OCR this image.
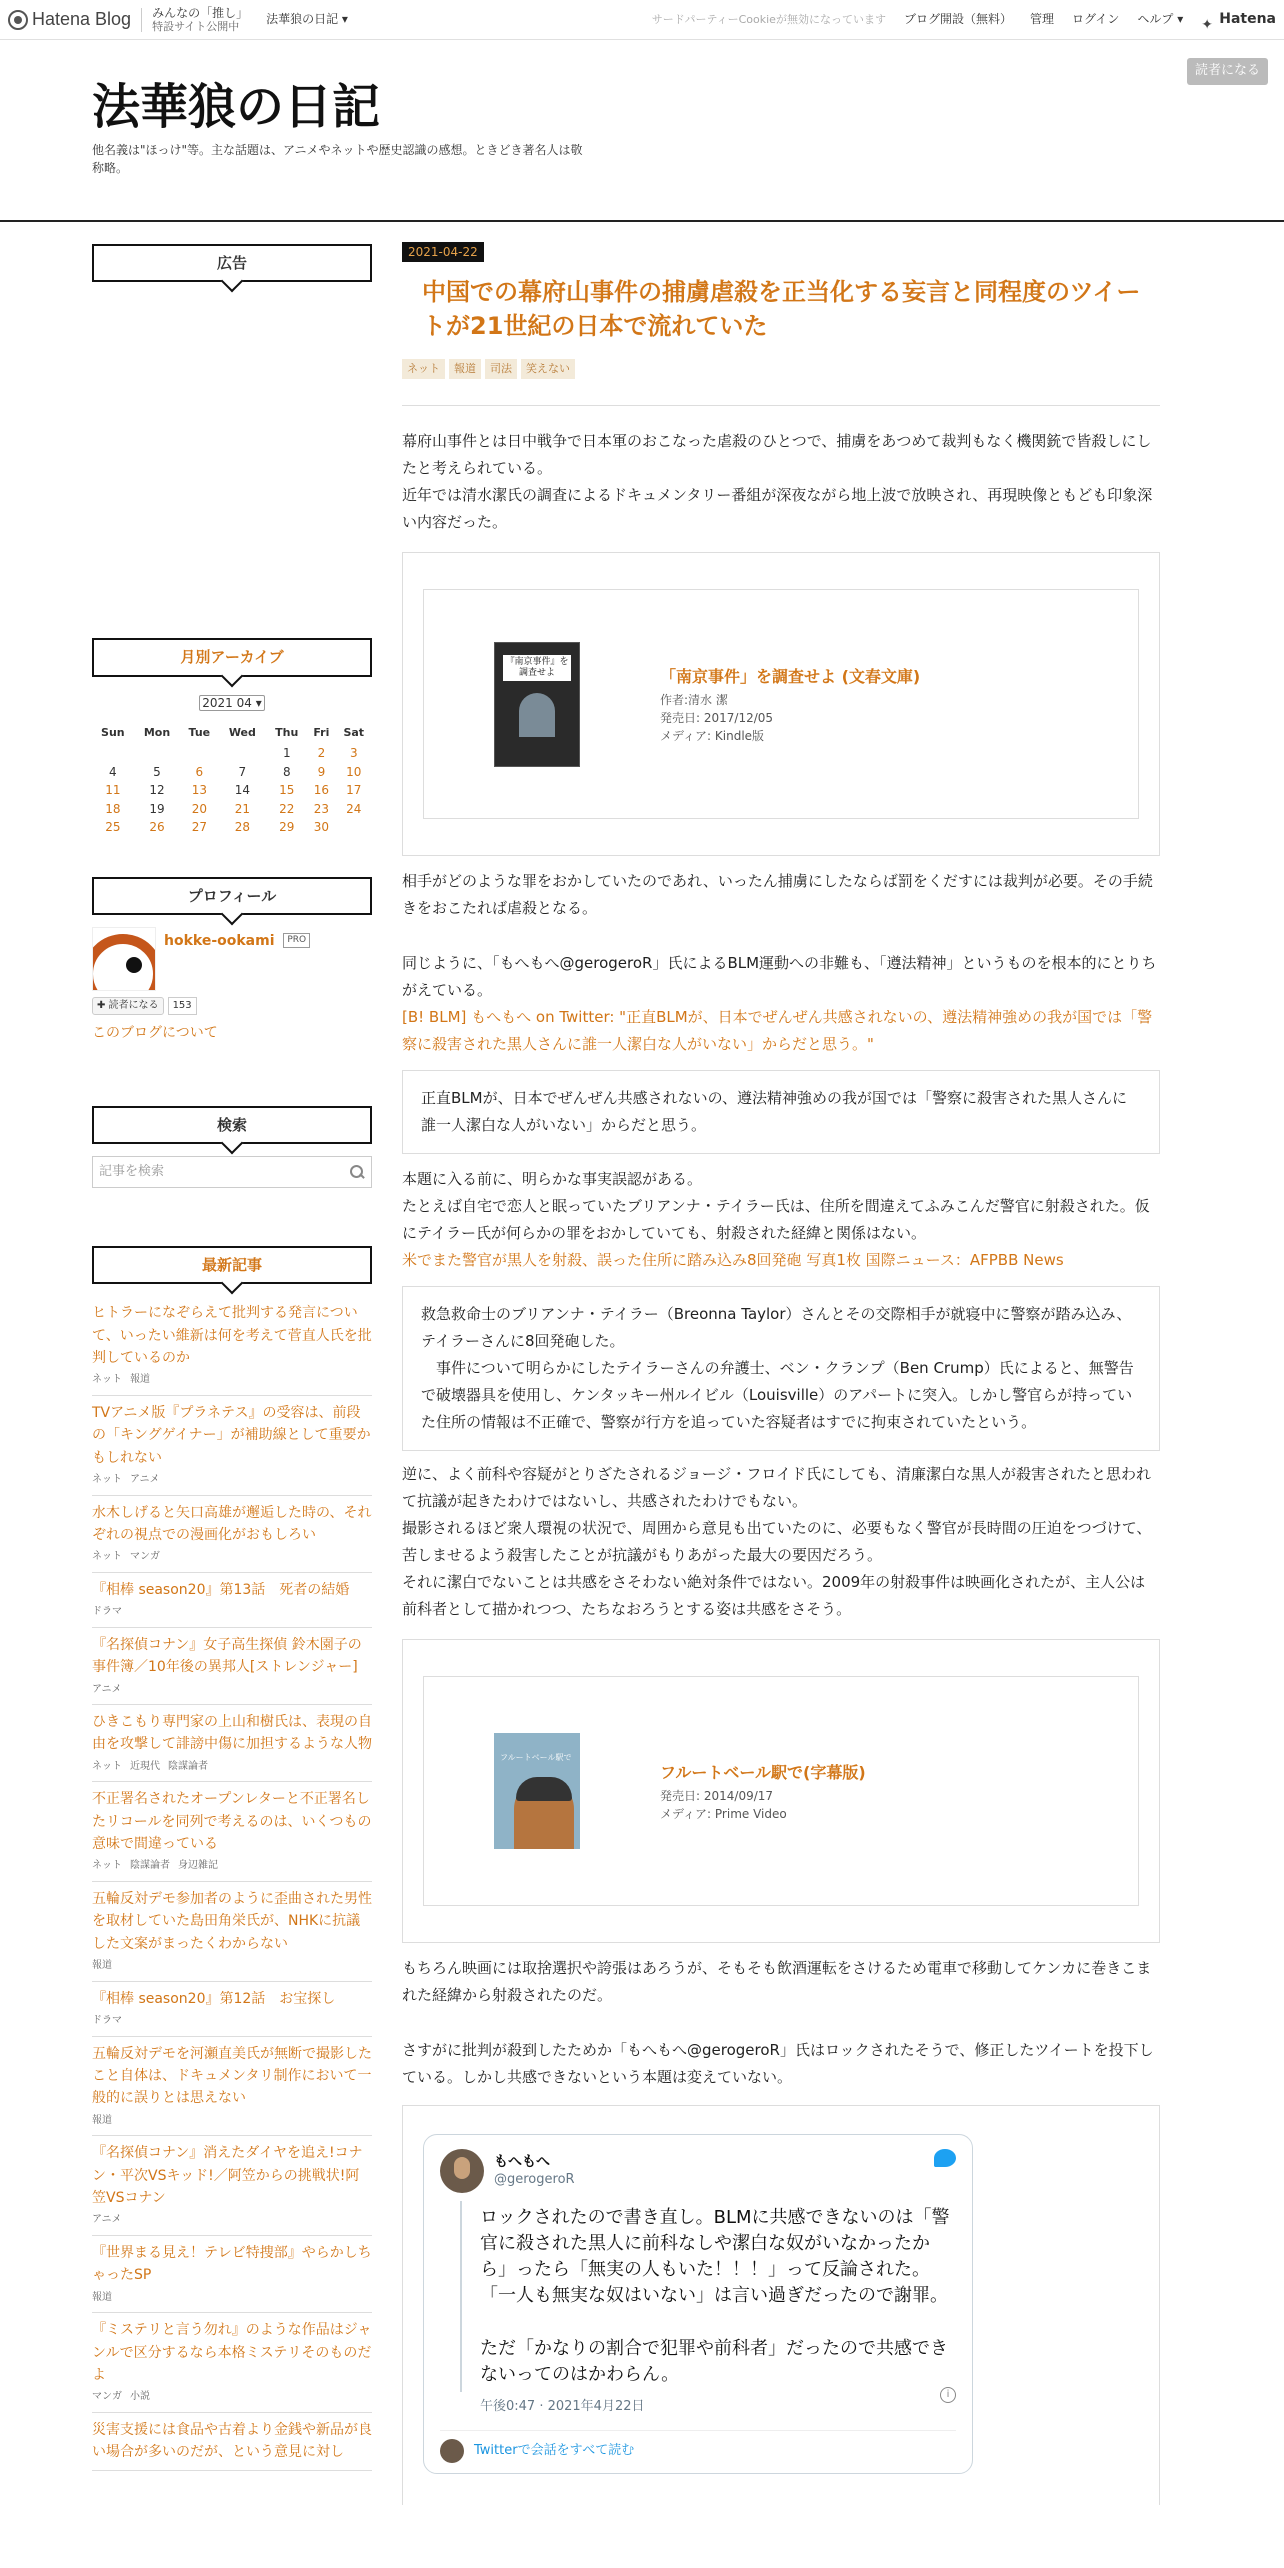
Hatena Blog みんなの「推し」
特設サイト公開中
法華狼の日記 ▾	サードパーティーCookieが無効になっています ブログ開設（無料） 管理 ログイン ヘルプ ▾ ✦	Hatena
法華狼の日記
他名義は"ほっけ"等。主な話題は、アニメやネットや歴史認識の感想。ときどき著名人は敬称略。
読者になる
広告
月別アーカイブ
2021 04 ▾
Sun	Mon	Tue	Wed	Thu	Fri	Sat
				1	2	3
4	5	6	7	8	9	10
11	12	13	14	15	16	17
18	19	20	21	22	23	24
25	26	27	28	29	30	
プロフィール
hokke-ookami PRO
✚ 読者になる	153
このブログについて
検索
記事を検索
最新記事
ヒトラーになぞらえて批判する発言について、いったい維新は何を考えて菅直人氏を批判しているのか
ネット 報道
TVアニメ版『プラネテス』の受容は、前段の「キングゲイナー」が補助線として重要かもしれない
ネット アニメ
水木しげると矢口高雄が邂逅した時の、それぞれの視点での漫画化がおもしろい
ネット マンガ
『相棒 season20』第13話　死者の結婚
ドラマ
『名探偵コナン』女子高生探偵 鈴木園子の事件簿／10年後の異邦人[ストレンジャー]
アニメ
ひきこもり専門家の上山和樹氏は、表現の自由を攻撃して誹謗中傷に加担するような人物
ネット 近現代 陰謀論者
不正署名されたオープンレターと不正署名したリコールを同列で考えるのは、いくつもの意味で間違っている
ネット 陰謀論者 身辺雑記
五輪反対デモ参加者のように歪曲された男性を取材していた島田角栄氏が、NHKに抗議した文案がまったくわからない
報道
『相棒 season20』第12話　お宝探し
ドラマ
五輪反対デモを河瀬直美氏が無断で撮影したこと自体は、ドキュメンタリ制作において一般的に誤りとは思えない
報道
『名探偵コナン』消えたダイヤを追え!コナン・平次VSキッド!／阿笠からの挑戦状!阿笠VSコナン
アニメ
『世界まる見え！テレビ特捜部』やらかしちゃったSP
報道
『ミステリと言う勿れ』のような作品はジャンルで区分するなら本格ミステリそのものだよ
マンガ 小説
災害支援には食品や古着より金銭や新品が良い場合が多いのだが、という意見に対し
2021-04-22
中国での幕府山事件の捕虜虐殺を正当化する妄言と同程度のツイートが21世紀の日本で流れていた
ネット	報道	司法	笑えない
幕府山事件とは日中戦争で日本軍のおこなった虐殺のひとつで、捕虜をあつめて裁判もなく機関銃で皆殺しにしたと考えられている。
近年では清水潔氏の調査によるドキュメンタリー番組が深夜ながら地上波で放映され、再現映像ともども印象深い内容だった。
『南京事件』を調査せよ	「南京事件」を調査せよ (文春文庫)
作者:清水 潔
発売日: 2017/12/05
メディア: Kindle版
相手がどのような罪をおかしていたのであれ、いったん捕虜にしたならば罰をくだすには裁判が必要。その手続きをおこたれば虐殺となる。
同じように、「もへもへ@gerogeroR」氏によるBLM運動への非難も、「遵法精神」というものを根本的にとりちがえている。
[B! BLM] もへもへ on Twitter: "正直BLMが、日本でぜんぜん共感されないの、遵法精神強めの我が国では「警察に殺害された黒人さんに誰一人潔白な人がいない」からだと思う。"
正直BLMが、日本でぜんぜん共感されないの、遵法精神強めの我が国では「警察に殺害された黒人さんに誰一人潔白な人がいない」からだと思う。
本題に入る前に、明らかな事実誤認がある。
たとえば自宅で恋人と眠っていたブリアンナ・テイラー氏は、住所を間違えてふみこんだ警官に射殺された。仮にテイラー氏が何らかの罪をおかしていても、射殺された経緯と関係はない。
米でまた警官が黒人を射殺、誤った住所に踏み込み8回発砲 写真1枚 国際ニュース：AFPBB News
救急救命士のブリアンナ・テイラー（Breonna Taylor）さんとその交際相手が就寝中に警察が踏み込み、テイラーさんに8回発砲した。
　事件について明らかにしたテイラーさんの弁護士、ベン・クランプ（Ben Crump）氏によると、無警告で破壊器具を使用し、ケンタッキー州ルイビル（Louisville）のアパートに突入。しかし警官らが持っていた住所の情報は不正確で、警察が行方を追っていた容疑者はすでに拘束されていたという。
逆に、よく前科や容疑がとりざたされるジョージ・フロイド氏にしても、清廉潔白な黒人が殺害されたと思われて抗議が起きたわけではないし、共感されたわけでもない。
撮影されるほど衆人環視の状況で、周囲から意見も出ていたのに、必要もなく警官が長時間の圧迫をつづけて、苦しませるよう殺害したことが抗議がもりあがった最大の要因だろう。
それに潔白でないことは共感をさそわない絶対条件ではない。2009年の射殺事件は映画化されたが、主人公は前科者として描かれつつ、たちなおろうとする姿は共感をさそう。
フルートベール駅で
フルートベール駅で(字幕版)
発売日: 2014/09/17
メディア: Prime Video
もちろん映画には取捨選択や誇張はあろうが、そもそも飲酒運転をさけるため電車で移動してケンカに巻きこまれた経緯から射殺されたのだ。
さすがに批判が殺到したためか「もへもへ@gerogeroR」氏はロックされたそうで、修正したツイートを投下している。しかし共感できないという本題は変えていない。
もへもへ
@gerogeroR
ロックされたので書き直し。BLMに共感できないのは「警官に殺された黒人に前科なしや潔白な奴がいなかったから」ったら「無実の人もいた！！！」って反論された。「一人も無実な奴はいない」は言い過ぎだったので謝罪。

ただ「かなりの割合で犯罪や前科者」だったので共感できないってのはかわらん。
午後0:47 · 2021年4月22日
i
Twitterで会話をすべて読む
